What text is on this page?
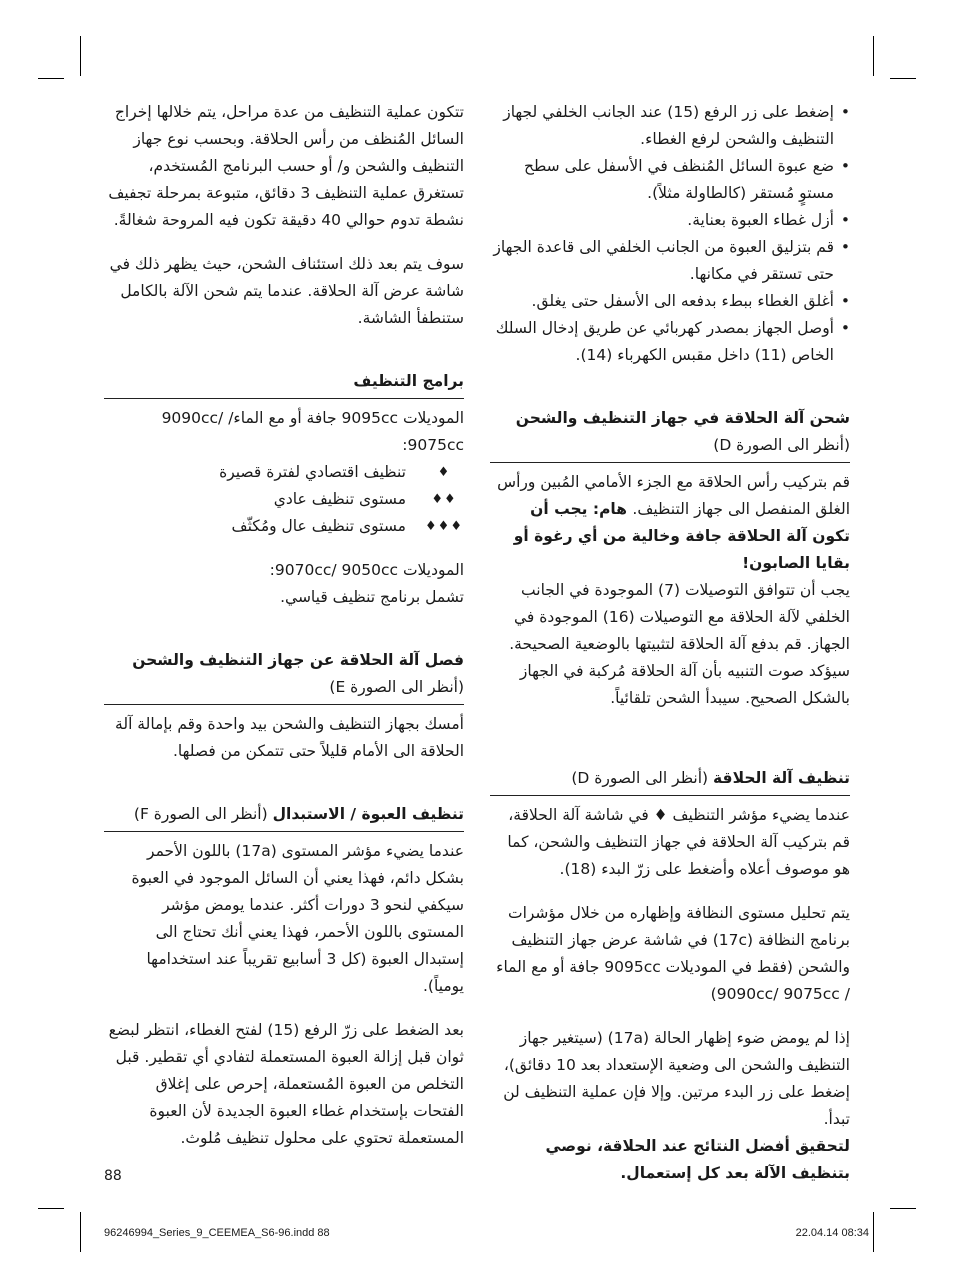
• إضغط على زر الرفع (15) عند الجانب الخلفي لجهاز التنظيف والشحن لرفع الغطاء.
• ضع عبوة السائل المُنظف في الأسفل على سطح مستوٍ مُستقر (كالطاولة مثلاً).
• أزل غطاء العبوة بعناية.
• قم بتزليق العبوة من الجانب الخلفي الى قاعدة الجهاز حتى تستقر في مكانها.
• أغلق الغطاء ببطء بدفعه الى الأسفل حتى يغلق.
• أوصل الجهاز بمصدر كهربائي عن طريق إدخال السلك الخاص (11) داخل مقبس الكهرباء (14).

شحن آلة الحلاقة في جهاز التنظيف والشحن

(أنظر الى الصورة D)

قم بتركيب رأس الحلاقة مع الجزء الأمامي المُبين ورأس الغلق المنفصل الى جهاز التنظيف. هام: يجب أن تكون آلة الحلاقة جافة وخالية من أي رغوة أو بقايا الصابون!

يجب أن تتوافق التوصيلات (7) الموجودة في الجانب الخلفي لآلة الحلاقة مع التوصيلات (16) الموجودة في الجهاز. قم بدفع آلة الحلاقة لتثبيتها بالوضعية الصحيحة. سيؤكد صوت التنبيه بأن آلة الحلاقة مُركبة في الجهاز بالشكل الصحيح. سيبدأ الشحن تلقائياً.

تنظيف آلة الحلاقة (أنظر الى الصورة D)

عندما يضيء مؤشر التنظيف ♦ في شاشة آلة الحلاقة، قم بتركيب آلة الحلاقة في جهاز التنظيف والشحن، كما هو موصوف أعلاه وأضغط على زرّ البدء (18).

يتم تحليل مستوى النظافة وإظهاره من خلال مؤشرات برنامج النظافة (17c) في شاشة عرض جهاز التنظيف والشحن (فقط في الموديلات 9095cc جافة أو مع الماء / 9090cc/ 9075cc)

إذا لم يومض ضوء إظهار الحالة (17a) (سيتغير جهاز التنظيف والشحن الى وضعية الإستعداد بعد 10 دقائق)، إضغط على زر البدء مرتين. وإلا فإن عملية التنظيف لن تبدأ.

لتحقيق أفضل النتائج عند الحلاقة، نوصي بتنظيف الآلة بعد كل إستعمال.

تتكون عملية التنظيف من عدة مراحل، يتم خلالها إخراج السائل المُنظف من رأس الحلاقة. وبحسب نوع جهاز التنظيف والشحن و/ أو حسب البرنامج المُستخدم، تستغرق عملية التنظيف 3 دقائق، متبوعة بمرحلة تجفيف نشطة تدوم حوالي 40 دقيقة تكون فيه المروحة شغالةً.

سوف يتم بعد ذلك استئناف الشحن، حيث يظهر ذلك في شاشة عرض آلة الحلاقة. عندما يتم شحن الآلة بالكامل ستنطفأ الشاشة.

برامج التنظيف

الموديلات 9095cc جافة أو مع الماء/ 9090cc/ 9075cc:

♦
تنظيف اقتصادي لفترة قصيرة
♦♦
مستوى تنظيف عادي
♦♦♦
مستوى تنظيف عال ومُكثّف

الموديلات 9070cc/ 9050cc:

تشمل برنامج تنظيف قياسي.

فصل آلة الحلاقة عن جهاز التنظيف والشحن

(أنظر الى الصورة E)

أمسك بجهاز التنظيف والشحن بيد واحدة وقم بإمالة آلة الحلاقة الى الأمام قليلاً حتى تتمكن من فصلها.

تنظيف العبوة / الاستبدال (أنظر الى الصورة F)

عندما يضيء مؤشر المستوى (17a) باللون الأحمر بشكل دائم، فهذا يعني أن السائل الموجود في العبوة سيكفي لنحو 3 دورات أكثر. عندما يومض مؤشر المستوى باللون الأحمر، فهذا يعني أنك تحتاج الى إستبدال العبوة (كل 3 أسابيع تقريباً عند استخدامها يومياً).

بعد الضغط على زرّ الرفع (15) لفتح الغطاء، انتظر لبضع ثوان قبل إزالة العبوة المستعملة لتفادي أي تقطير. قبل التخلص من العبوة المُستعملة، إحرص على إغلاق الفتحات بإستخدام غطاء العبوة الجديدة لأن العبوة المستعملة تحتوي على محلول تنظيف مُلوث.

88
96246994_Series_9_CEEMEA_S6-96.indd 88	22.04.14 08:34
